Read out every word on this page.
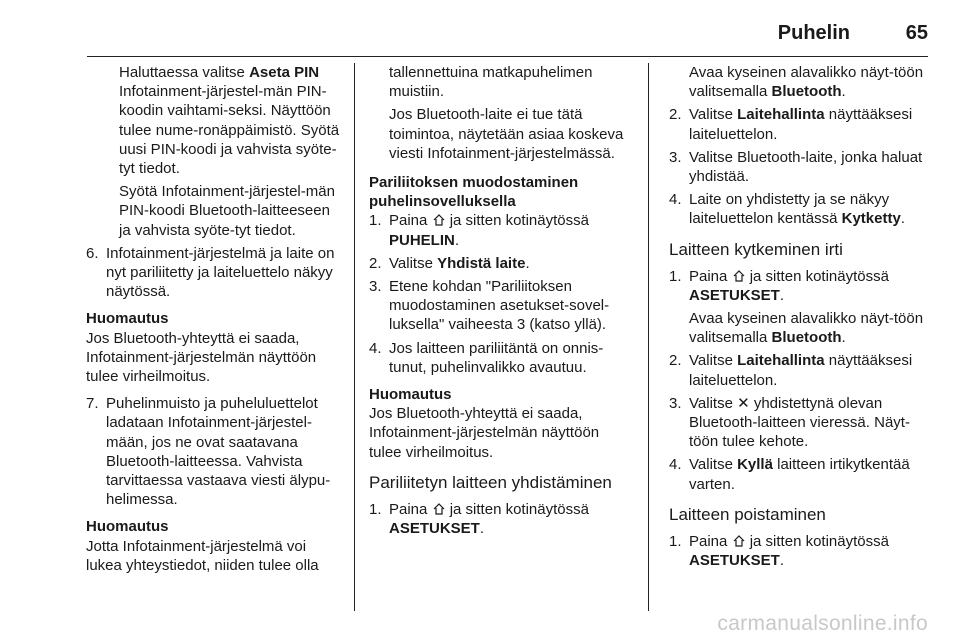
Puhelin	65

Haluttaessa valitse Aseta PIN Infotainment-järjestel-män PIN-koodin vaihtami-seksi. Näyttöön tulee nume-ronäppäimistö. Syötä uusi PIN-koodi ja vahvista syöte-tyt tiedot.

Syötä Infotainment-järjestel-män PIN-koodi Bluetooth-laitteeseen ja vahvista syöte-tyt tiedot.

6. Infotainment-järjestelmä ja laite on nyt pariliitetty ja laiteluettelo näkyy näytössä.

Huomautus

Jos Bluetooth-yhteyttä ei saada, Infotainment-järjestelmän näyttöön tulee virheilmoitus.

7. Puhelinmuisto ja puheluluettelot ladataan Infotainment-järjestel-mään, jos ne ovat saatavana Bluetooth-laitteessa. Vahvista tarvittaessa vastaava viesti älypu-helimessa.

Huomautus

Jotta Infotainment-järjestelmä voi lukea yhteystiedot, niiden tulee olla

tallennettuina matkapuhelimen muistiin.

Jos Bluetooth-laite ei tue tätä toimintoa, näytetään asiaa koskeva viesti Infotainment-järjestelmässä.

Pariliitoksen muodostaminen puhelinsovelluksella

1. Paina  ja sitten kotinäytössä PUHELIN.
2. Valitse Yhdistä laite.
3. Etene kohdan "Pariliitoksen muodostaminen asetukset-sovel-luksella" vaiheesta 3 (katso yllä).
4. Jos laitteen pariliitäntä on onnis-tunut, puhelinvalikko avautuu.

Huomautus

Jos Bluetooth-yhteyttä ei saada, Infotainment-järjestelmän näyttöön tulee virheilmoitus.

Pariliitetyn laitteen yhdistäminen

1. Paina  ja sitten kotinäytössä ASETUKSET.

Avaa kyseinen alavalikko näyt-töön valitsemalla Bluetooth.

2. Valitse Laitehallinta näyttääksesi laiteluettelon.
3. Valitse Bluetooth-laite, jonka haluat yhdistää.
4. Laite on yhdistetty ja se näkyy laiteluettelon kentässä Kytketty.

Laitteen kytkeminen irti

1. Paina  ja sitten kotinäytössä ASETUKSET.

Avaa kyseinen alavalikko näyt-töön valitsemalla Bluetooth.

2. Valitse Laitehallinta näyttääksesi laiteluettelon.
3. Valitse ✕ yhdistettynä olevan Bluetooth-laitteen vieressä. Näyt-töön tulee kehote.
4. Valitse Kyllä laitteen irtikytkentää varten.

Laitteen poistaminen

1. Paina  ja sitten kotinäytössä ASETUKSET.
carmanualsonline.info
